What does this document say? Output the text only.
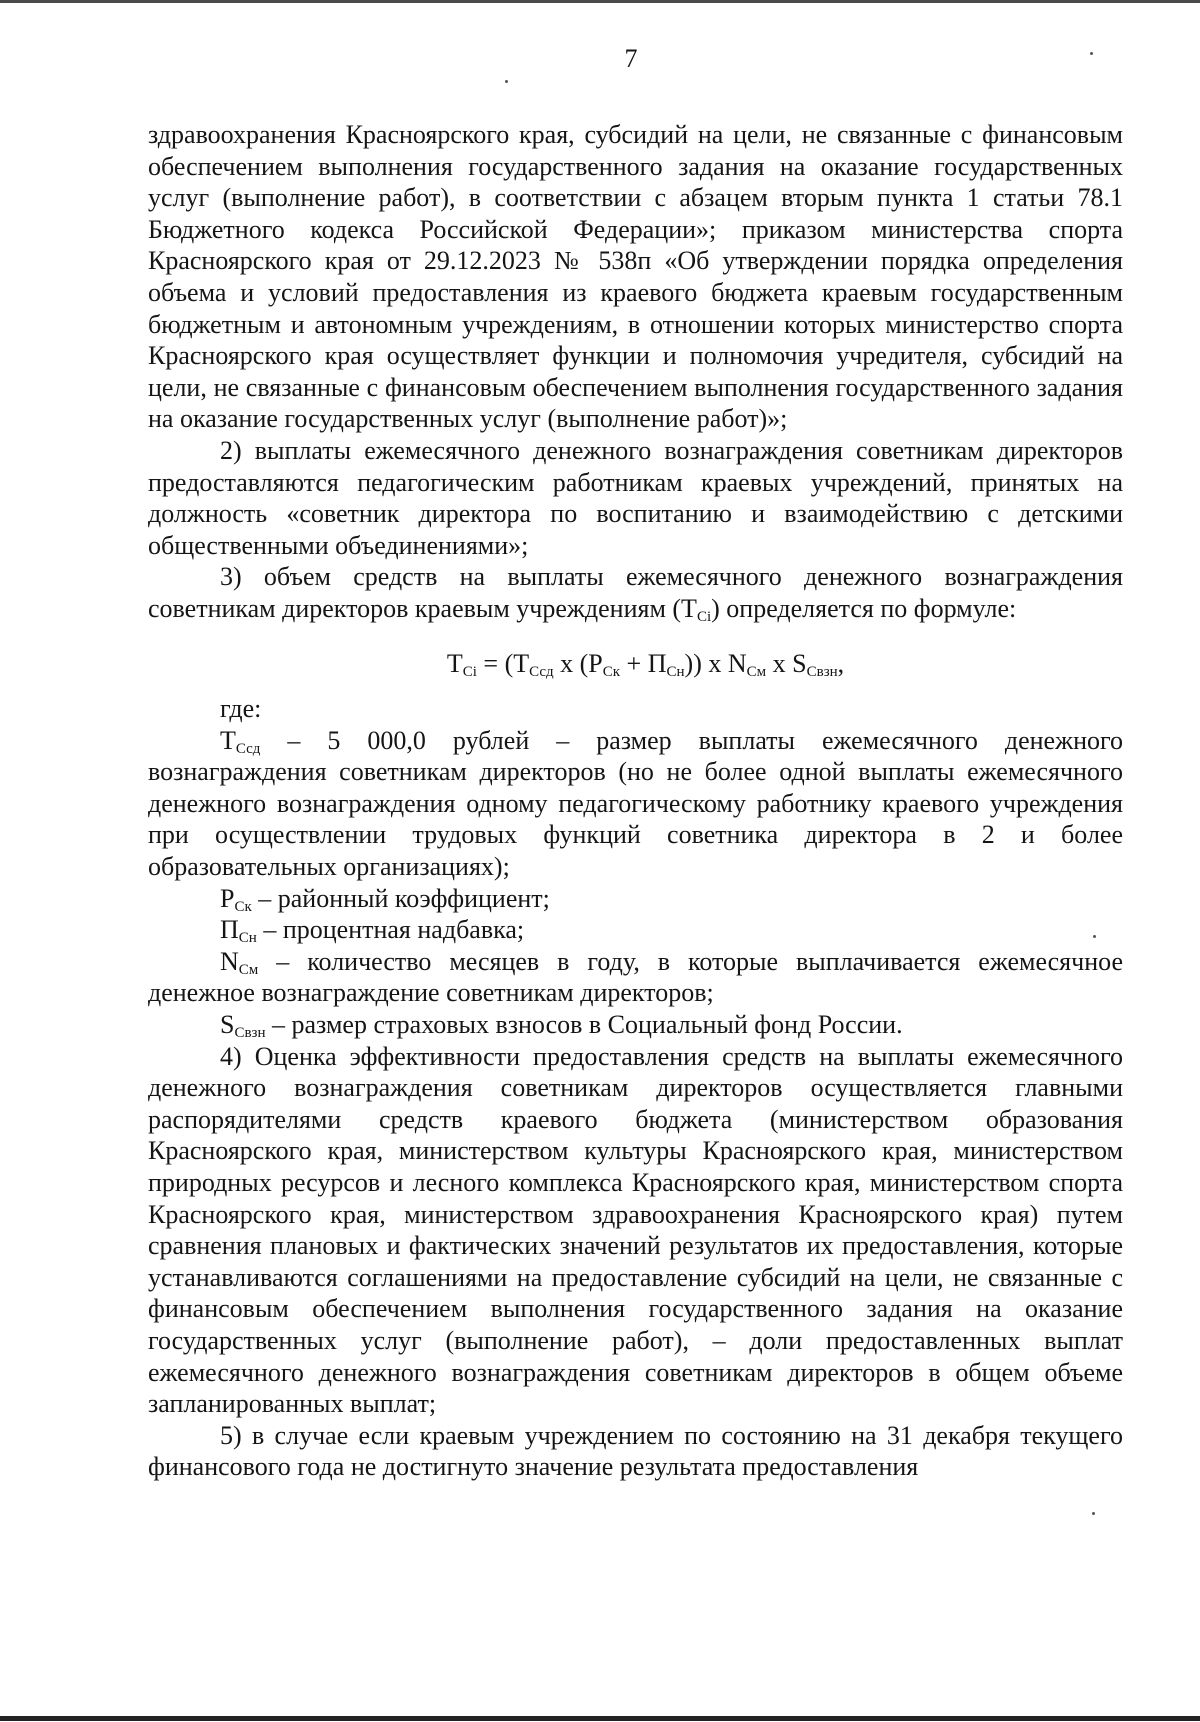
7

здравоохранения Красноярского края, субсидий на цели, не связанные с финансовым обеспечением выполнения государственного задания на оказание государственных услуг (выполнение работ), в соответствии с абзацем вторым пункта 1 статьи 78.1 Бюджетного кодекса Российской Федерации»; приказом министерства спорта Красноярского края от 29.12.2023 № 538п «Об утверждении порядка определения объема и условий предоставления из краевого бюджета краевым государственным бюджетным и автономным учреждениям, в отношении которых министерство спорта Красноярского края осуществляет функции и полномочия учредителя, субсидий на цели, не связанные с финансовым обеспечением выполнения государственного задания на оказание государственных услуг (выполнение работ)»;

2) выплаты ежемесячного денежного вознаграждения советникам директоров предоставляются педагогическим работникам краевых учреждений, принятых на должность «советник директора по воспитанию и взаимодействию с детскими общественными объединениями»;

3) объем средств на выплаты ежемесячного денежного вознаграждения советникам директоров краевым учреждениям $(Т_{Ci})$ определяется по формуле:

$Т_{Ci} = (Т_{Ссд}$ х $(Р_{Ск} + П_{Сн})$) х $N_{См}$ х $S_{Свзн}$,

где:

$Т_{Ссд} - 5$ 000,0 рублей – размер выплаты ежемесячного денежного вознаграждения советникам директоров (но не более одной выплаты ежемесячного денежного вознаграждения одному педагогическому работнику краевого учреждения при осуществлении трудовых функций советника директора в 2 и более образовательных организациях);

$Р_{Ск}$ – районный коэффициент;

$П_{Сн}$ – процентная надбавка;

$N_{См}$ – количество месяцев в году, в которые выплачивается ежемесячное денежное вознаграждение советникам директоров;

$S_{Свзн}$ – размер страховых взносов в Социальный фонд России.

4) Оценка эффективности предоставления средств на выплаты ежемесячного денежного вознаграждения советникам директоров осуществляется главными распорядителями средств краевого бюджета (министерством образования Красноярского края, министерством культуры Красноярского края, министерством природных ресурсов и лесного комплекса Красноярского края, министерством спорта Красноярского края, министерством здравоохранения Красноярского края) путем сравнения плановых и фактических значений результатов их предоставления, которые устанавливаются соглашениями на предоставление субсидий на цели, не связанные с финансовым обеспечением выполнения государственного задания на оказание государственных услуг (выполнение работ), – доли предоставленных выплат ежемесячного денежного вознаграждения советникам директоров в общем объеме запланированных выплат;

5) в случае если краевым учреждением по состоянию на 31 декабря текущего финансового года не достигнуто значение результата предоставления
